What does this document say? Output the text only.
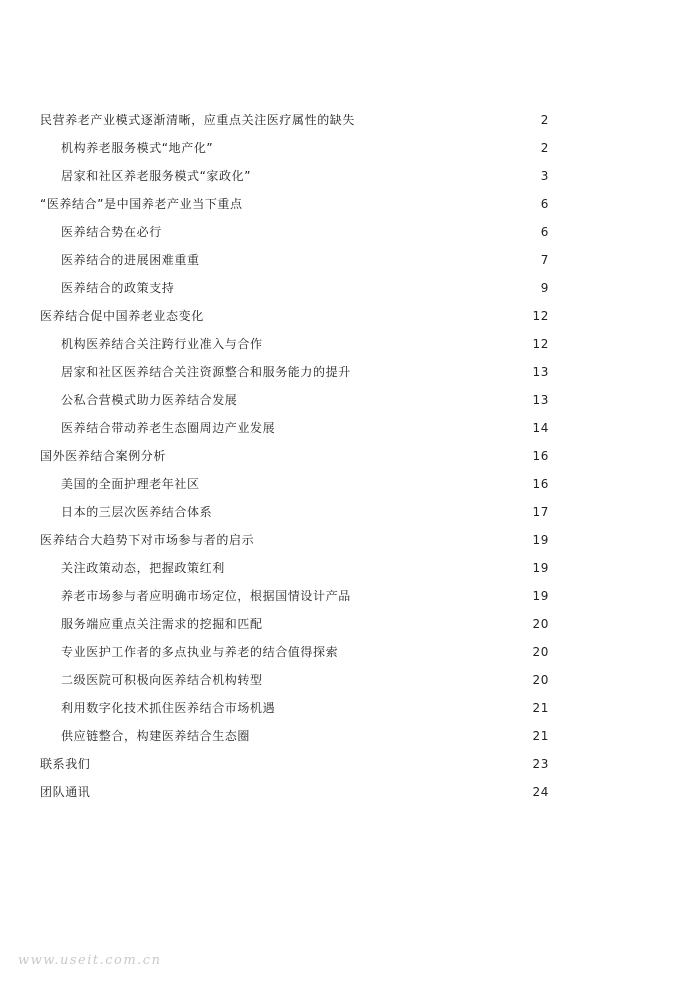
民营养老产业模式逐渐清晰，应重点关注医疗属性的缺失	2
机构养老服务模式“地产化”	2
居家和社区养老服务模式“家政化”	3
“医养结合”是中国养老产业当下重点	6
医养结合势在必行	6
医养结合的进展困难重重	7
医养结合的政策支持	9
医养结合促中国养老业态变化	12
机构医养结合关注跨行业准入与合作	12
居家和社区医养结合关注资源整合和服务能力的提升	13
公私合营模式助力医养结合发展	13
医养结合带动养老生态圈周边产业发展	14
国外医养结合案例分析	16
美国的全面护理老年社区	16
日本的三层次医养结合体系	17
医养结合大趋势下对市场参与者的启示	19
关注政策动态，把握政策红利	19
养老市场参与者应明确市场定位，根据国情设计产品	19
服务端应重点关注需求的挖掘和匹配	20
专业医护工作者的多点执业与养老的结合值得探索	20
二级医院可积极向医养结合机构转型	20
利用数字化技术抓住医养结合市场机遇	21
供应链整合，构建医养结合生态圈	21
联系我们	23
团队通讯	24
www.useit.com.cn
